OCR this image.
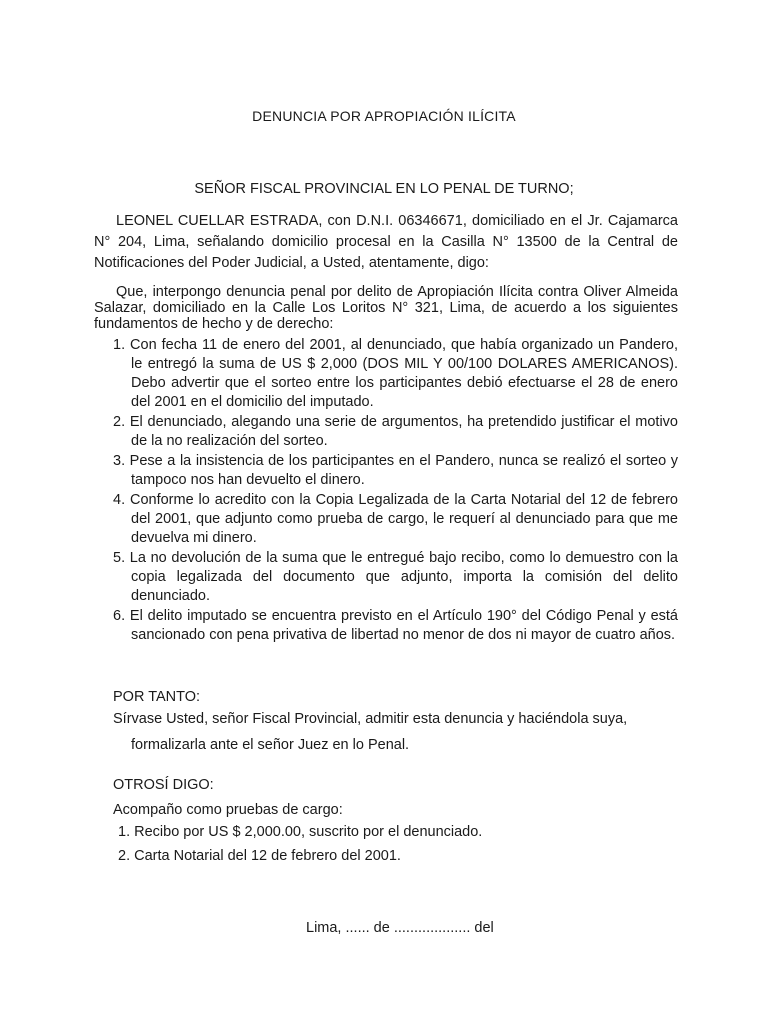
DENUNCIA POR APROPIACIÓN ILÍCITA
SEÑOR FISCAL PROVINCIAL EN LO PENAL DE TURNO;
LEONEL CUELLAR ESTRADA, con D.N.I. 06346671, domiciliado en el Jr. Cajamarca N° 204, Lima, señalando domicilio procesal en la Casilla N° 13500 de la Central de Notificaciones del Poder Judicial, a Usted, atentamente, digo:
Que, interpongo denuncia penal por delito de Apropiación Ilícita contra Oliver Almeida Salazar, domiciliado en la Calle Los Loritos N° 321, Lima, de acuerdo a los siguientes fundamentos de hecho y de derecho:
1. Con fecha 11 de enero del 2001, al denunciado, que había organizado un Pandero, le entregó la suma de US $ 2,000 (DOS MIL Y 00/100 DOLARES AMERICANOS). Debo advertir que el sorteo entre los participantes debió efectuarse el 28 de enero del 2001 en el domicilio del imputado.
2. El denunciado, alegando una serie de argumentos, ha pretendido justificar el motivo de la no realización del sorteo.
3. Pese a la insistencia de los participantes en el Pandero, nunca se realizó el sorteo y tampoco nos han devuelto el dinero.
4. Conforme lo acredito con la Copia Legalizada de la Carta Notarial del 12 de febrero del 2001, que adjunto como prueba de cargo, le requerí al denunciado para que me devuelva mi dinero.
5. La no devolución de la suma que le entregué bajo recibo, como lo demuestro con la copia legalizada del documento que adjunto, importa la comisión del delito denunciado.
6. El delito imputado se encuentra previsto en el Artículo 190° del Código Penal y está sancionado con pena privativa de libertad no menor de dos ni mayor de cuatro años.
POR TANTO:
Sírvase Usted, señor Fiscal Provincial, admitir esta denuncia y haciéndola suya,
formalizarla ante el señor Juez en lo Penal.
OTROSÍ DIGO:
Acompaño como pruebas de cargo:
1. Recibo por US $ 2,000.00, suscrito por el denunciado.
2. Carta Notarial del 12 de febrero del 2001.
Lima, ...... de ................... del
